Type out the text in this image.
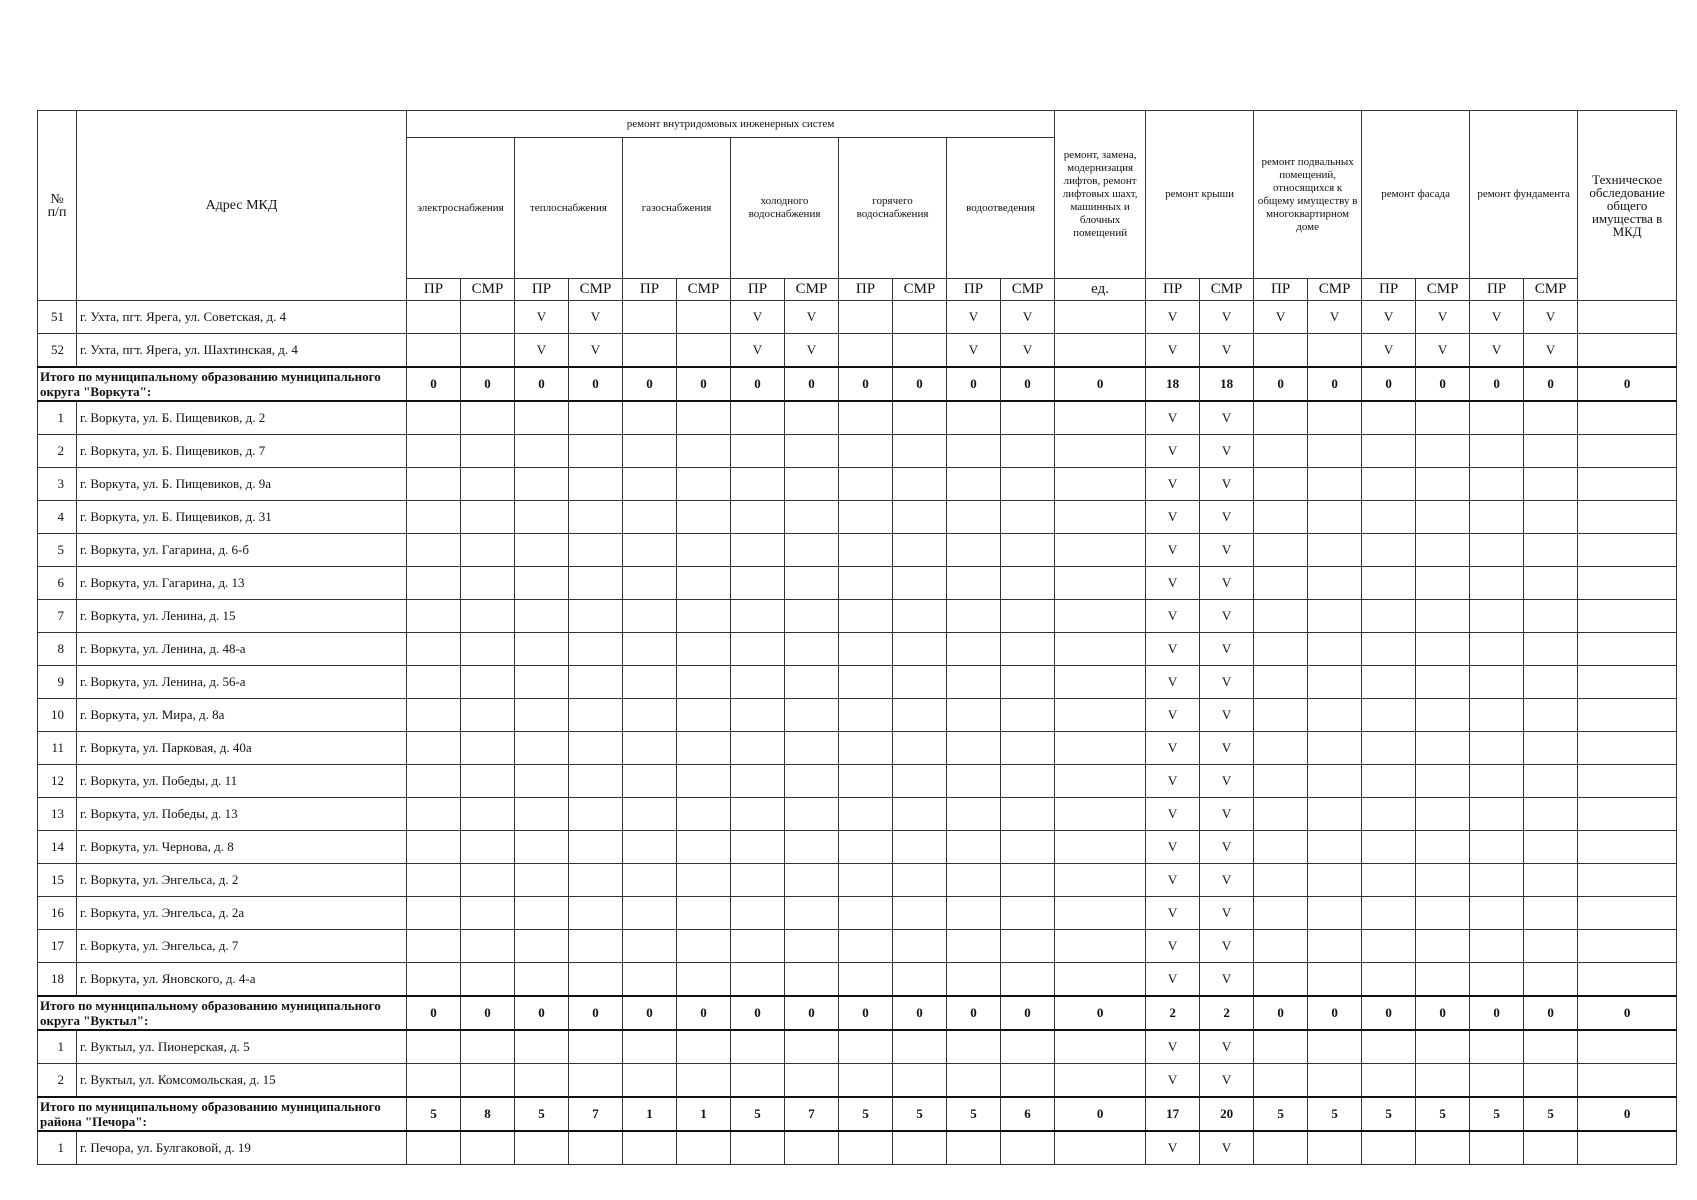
№
п/п	Адрес МКД	ремонт внутридомовых инженерных систем												ремонт, замена, модернизация лифтов, ремонт лифтовых шахт, машинных и блочных помещений	ремонт крыши		ремонт подвальных помещений, относящихся к общему имуществу в многоквартирном доме		ремонт фасада		ремонт фундамента		Техническое обследование общего имущества в МКД
		электроснабжения		теплоснабжения		газоснабжения		холодного водоснабжения		горячего водоснабжения		водоотведения											
		ПР	СМР	ПР	СМР	ПР	СМР	ПР	СМР	ПР	СМР	ПР	СМР	ед.	ПР	СМР	ПР	СМР	ПР	СМР	ПР	СМР	
51	г. Ухта, пгт. Ярега, ул. Советская, д. 4			V	V			V	V			V	V		V	V	V	V	V	V	V	V	
52	г. Ухта, пгт. Ярега, ул. Шахтинская, д. 4			V	V			V	V			V	V		V	V			V	V	V	V	
Итого по муниципальному образованию муниципального округа "Воркута":		0	0	0	0	0	0	0	0	0	0	0	0	0	18	18	0	0	0	0	0	0	0
1	г. Воркута, ул. Б. Пищевиков, д. 2														V	V							
2	г. Воркута, ул. Б. Пищевиков, д. 7														V	V							
3	г. Воркута, ул. Б. Пищевиков, д. 9а														V	V							
4	г. Воркута, ул. Б. Пищевиков, д. 31														V	V							
5	г. Воркута, ул. Гагарина, д. 6-б														V	V							
6	г. Воркута, ул. Гагарина, д. 13														V	V							
7	г. Воркута, ул. Ленина, д. 15														V	V							
8	г. Воркута, ул. Ленина, д. 48-а														V	V							
9	г. Воркута, ул. Ленина, д. 56-а														V	V							
10	г. Воркута, ул. Мира, д. 8а														V	V							
11	г. Воркута, ул. Парковая, д. 40а														V	V							
12	г. Воркута, ул. Победы, д. 11														V	V							
13	г. Воркута, ул. Победы, д. 13														V	V							
14	г. Воркута, ул. Чернова, д. 8														V	V							
15	г. Воркута, ул. Энгельса, д. 2														V	V							
16	г. Воркута, ул. Энгельса, д. 2а														V	V							
17	г. Воркута, ул. Энгельса, д. 7														V	V							
18	г. Воркута, ул. Яновского, д. 4-а														V	V							
Итого по муниципальному образованию муниципального округа "Вуктыл":		0	0	0	0	0	0	0	0	0	0	0	0	0	2	2	0	0	0	0	0	0	0
1	г. Вуктыл, ул. Пионерская, д. 5														V	V							
2	г. Вуктыл, ул. Комсомольская, д. 15														V	V							
Итого по муниципальному образованию муниципального района "Печора":		5	8	5	7	1	1	5	7	5	5	5	6	0	17	20	5	5	5	5	5	5	0
1	г. Печора, ул. Булгаковой, д. 19														V	V							
